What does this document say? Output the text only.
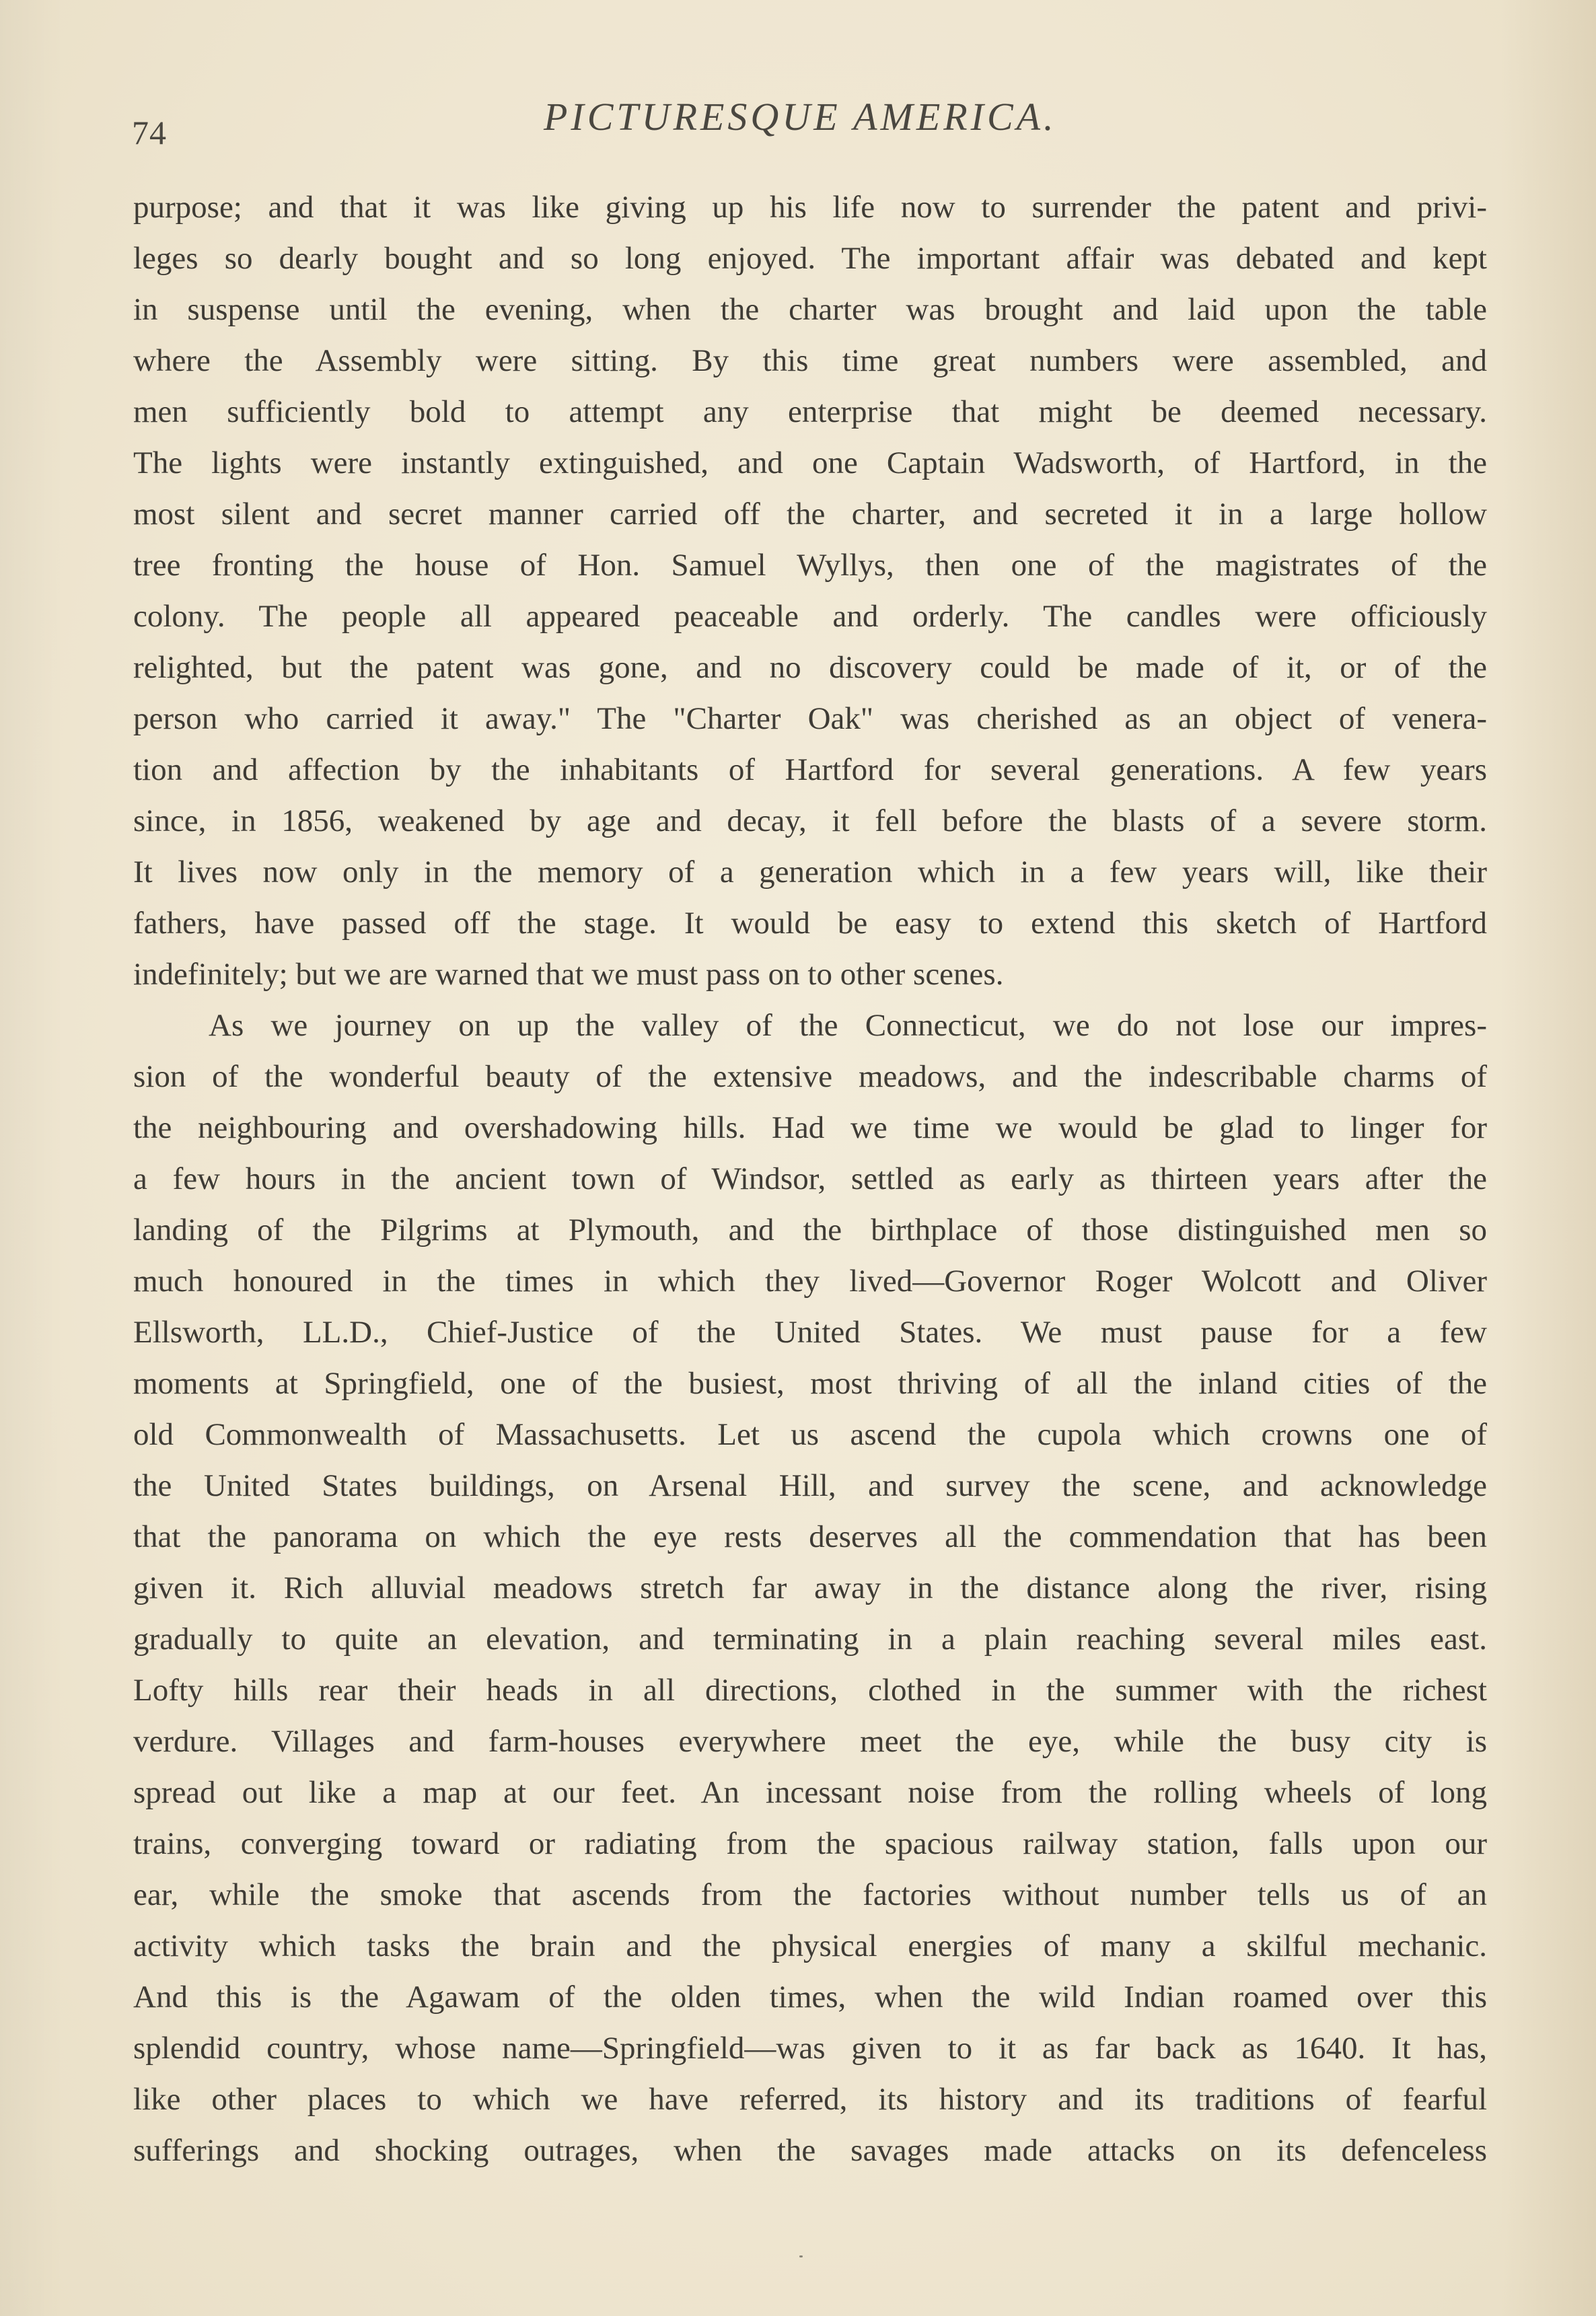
74	PICTURESQUE AMERICA.
purpose; and that it was like giving up his life now to surrender the patent and privi-
leges so dearly bought and so long enjoyed. The important affair was debated and kept
in suspense until the evening, when the charter was brought and laid upon the table
where the Assembly were sitting. By this time great numbers were assembled, and
men sufficiently bold to attempt any enterprise that might be deemed necessary.
The lights were instantly extinguished, and one Captain Wadsworth, of Hartford, in the
most silent and secret manner carried off the charter, and secreted it in a large hollow
tree fronting the house of Hon. Samuel Wyllys, then one of the magistrates of the
colony. The people all appeared peaceable and orderly. The candles were officiously
relighted, but the patent was gone, and no discovery could be made of it, or of the
person who carried it away." The "Charter Oak" was cherished as an object of venera-
tion and affection by the inhabitants of Hartford for several generations. A few years
since, in 1856, weakened by age and decay, it fell before the blasts of a severe storm.
It lives now only in the memory of a generation which in a few years will, like their
fathers, have passed off the stage. It would be easy to extend this sketch of Hartford
indefinitely; but we are warned that we must pass on to other scenes.
As we journey on up the valley of the Connecticut, we do not lose our impres-
sion of the wonderful beauty of the extensive meadows, and the indescribable charms of
the neighbouring and overshadowing hills. Had we time we would be glad to linger for
a few hours in the ancient town of Windsor, settled as early as thirteen years after the
landing of the Pilgrims at Plymouth, and the birthplace of those distinguished men so
much honoured in the times in which they lived—Governor Roger Wolcott and Oliver
Ellsworth, LL.D., Chief-Justice of the United States. We must pause for a few
moments at Springfield, one of the busiest, most thriving of all the inland cities of the
old Commonwealth of Massachusetts. Let us ascend the cupola which crowns one of
the United States buildings, on Arsenal Hill, and survey the scene, and acknowledge
that the panorama on which the eye rests deserves all the commendation that has been
given it. Rich alluvial meadows stretch far away in the distance along the river, rising
gradually to quite an elevation, and terminating in a plain reaching several miles east.
Lofty hills rear their heads in all directions, clothed in the summer with the richest
verdure. Villages and farm-houses everywhere meet the eye, while the busy city is
spread out like a map at our feet. An incessant noise from the rolling wheels of long
trains, converging toward or radiating from the spacious railway station, falls upon our
ear, while the smoke that ascends from the factories without number tells us of an
activity which tasks the brain and the physical energies of many a skilful mechanic.
And this is the Agawam of the olden times, when the wild Indian roamed over this
splendid country, whose name—Springfield—was given to it as far back as 1640. It has,
like other places to which we have referred, its history and its traditions of fearful
sufferings and shocking outrages, when the savages made attacks on its defenceless
